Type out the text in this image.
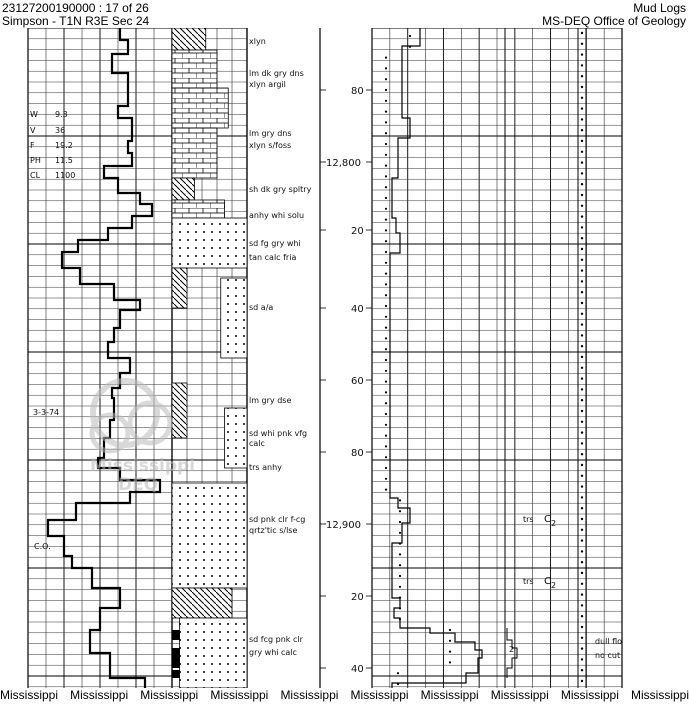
23127200190000 : 17 of 26
Simpson - T1N R3E Sec 24
Mud Logs
MS-DEQ Office of Geology
Mississippi
DEQ
W 9.3
V 36
F	19.2
PH 11.5
CL 1100
3-3-74
C.O.
xlyn
lm dk gry dns
xlyn argil
lm gry dns
xlyn s/foss
sh dk gry spltry
anhy whi solu
sd fg gry whi
tan calc fria
sd a/a
lm gry dse
sd whi pnk vfg
calc
trs anhy
sd pnk clr f-cg
qrtz'tic s/lse
sd fcg pnk clr
gry whi calc
80
12,800
20
40
60
80
12,900
20
40
trs C 2
trs C 2
dull flo
no cut
2
Mississippi Mississippi Mississippi Mississippi Mississippi Mississippi Mississippi Mississippi Mississippi Mississippi
